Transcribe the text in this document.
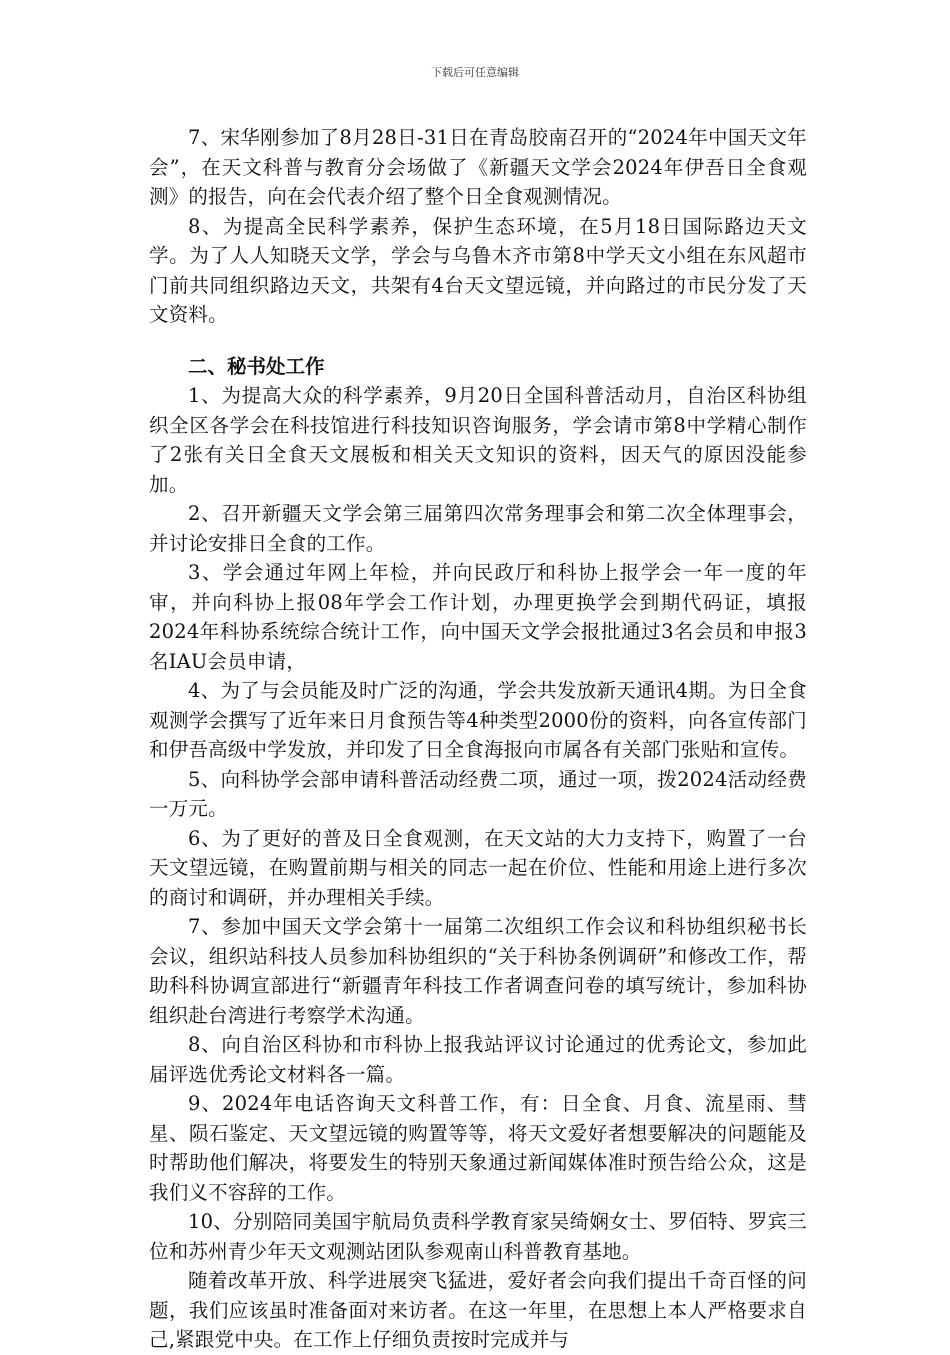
下载后可任意编辑

7、宋华刚参加了8月28日-31日在青岛胶南召开的“2024年中国天文年会”，在天文科普与教育分会场做了《新疆天文学会2024年伊吾日全食观测》的报告，向在会代表介绍了整个日全食观测情况。

8、为提高全民科学素养，保护生态环境，在5月18日国际路边天文学。为了人人知晓天文学，学会与乌鲁木齐市第8中学天文小组在东风超市门前共同组织路边天文，共架有4台天文望远镜，并向路过的市民分发了天文资料。

二、秘书处工作

1、为提高大众的科学素养，9月20日全国科普活动月，自治区科协组织全区各学会在科技馆进行科技知识咨询服务，学会请市第8中学精心制作了2张有关日全食天文展板和相关天文知识的资料，因天气的原因没能参加。

2、召开新疆天文学会第三届第四次常务理事会和第二次全体理事会，并讨论安排日全食的工作。

3、学会通过年网上年检，并向民政厅和科协上报学会一年一度的年审，并向科协上报08年学会工作计划，办理更换学会到期代码证，填报2024年科协系统综合统计工作，向中国天文学会报批通过3名会员和申报3名IAU会员申请，

4、为了与会员能及时广泛的沟通，学会共发放新天通讯4期。为日全食观测学会撰写了近年来日月食预告等4种类型2000份的资料，向各宣传部门和伊吾高级中学发放，并印发了日全食海报向市属各有关部门张贴和宣传。

5、向科协学会部申请科普活动经费二项，通过一项，拨2024活动经费一万元。

6、为了更好的普及日全食观测，在天文站的大力支持下，购置了一台天文望远镜，在购置前期与相关的同志一起在价位、性能和用途上进行多次的商讨和调研，并办理相关手续。

7、参加中国天文学会第十一届第二次组织工作会议和科协组织秘书长会议，组织站科技人员参加科协组织的“关于科协条例调研”和修改工作，帮助科科协调宣部进行“新疆青年科技工作者调查问卷的填写统计，参加科协组织赴台湾进行考察学术沟通。

8、向自治区科协和市科协上报我站评议讨论通过的优秀论文，参加此届评选优秀论文材料各一篇。

9、2024年电话咨询天文科普工作，有：日全食、月食、流星雨、彗星、陨石鉴定、天文望远镜的购置等等，将天文爱好者想要解决的问题能及时帮助他们解决，将要发生的特别天象通过新闻媒体准时预告给公众，这是我们义不容辞的工作。

10、分别陪同美国宇航局负责科学教育家吴绮娴女士、罗佰特、罗宾三位和苏州青少年天文观测站团队参观南山科普教育基地。

随着改革开放、科学进展突飞猛进，爱好者会向我们提出千奇百怪的问题，我们应该虽时准备面对来访者。在这一年里，在思想上本人严格要求自己,紧跟党中央。在工作上仔细负责按时完成并与
